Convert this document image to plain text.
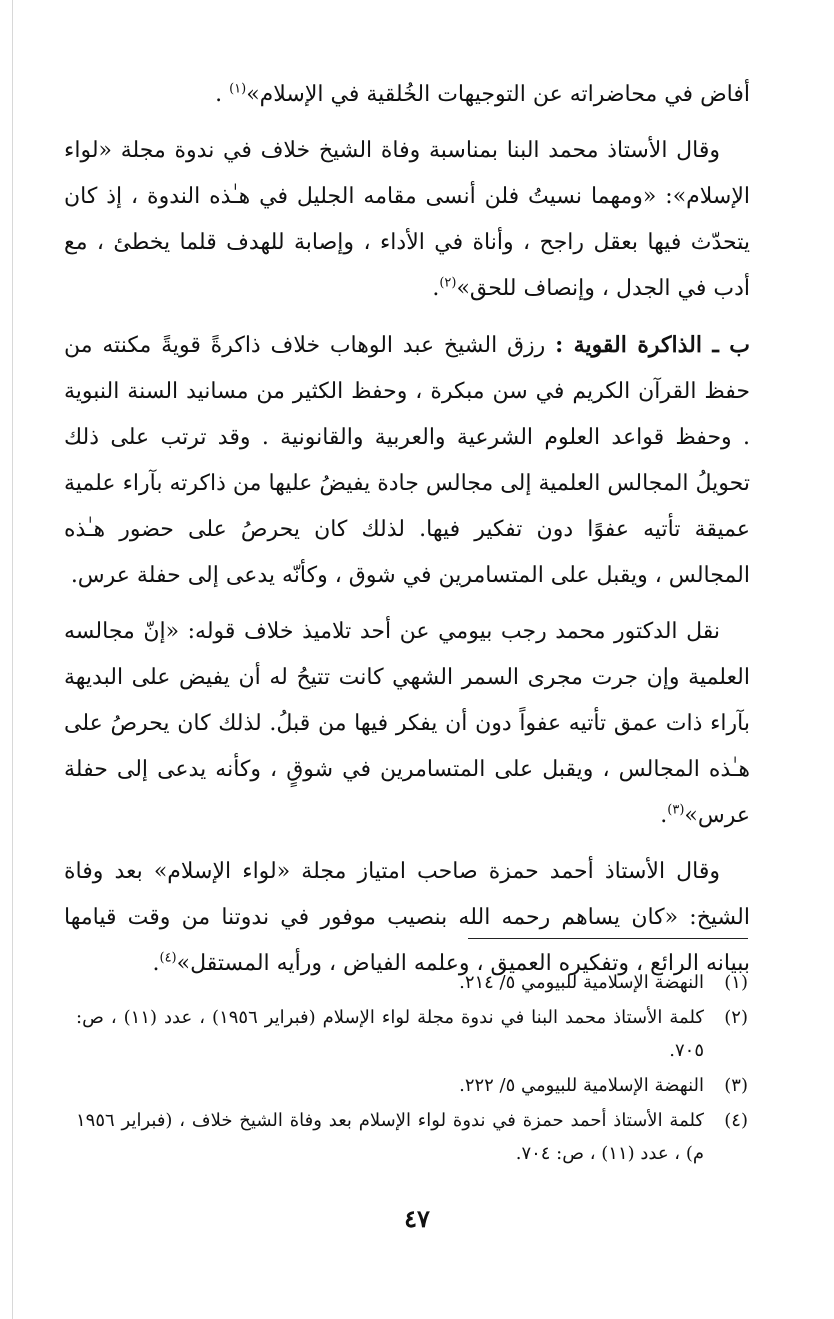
أفاض في محاضراته عن التوجيهات الخُلقية في الإسلام»$^{(١)}$ .

وقال الأستاذ محمد البنا بمناسبة وفاة الشيخ خلاف في ندوة مجلة «لواء الإسلام»: «ومهما نسيتُ فلن أنسى مقامه الجليل في هـٰذه الندوة ، إذ كان يتحدّث فيها بعقل راجح ، وأناة في الأداء ، وإصابة للهدف قلما يخطئ ، مع أدب في الجدل ، وإنصاف للحق»$^{(٢)}$.

ب ـ الذاكرة القوية : رزق الشيخ عبد الوهاب خلاف ذاكرةً قويةً مكنته من حفظ القرآن الكريم في سن مبكرة ، وحفظ الكثير من مسانيد السنة النبوية . وحفظ قواعد العلوم الشرعية والعربية والقانونية . وقد ترتب على ذلك تحويلُ المجالس العلمية إلى مجالس جادة يفيضُ عليها من ذاكرته بآراء علمية عميقة تأتيه عفوًا دون تفكير فيها. لذلك كان يحرصُ على حضور هـٰذه المجالس ، ويقبل على المتسامرين في شوق ، وكأنّه يدعى إلى حفلة عرس.

نقل الدكتور محمد رجب بيومي عن أحد تلاميذ خلاف قوله: «إنّ مجالسه العلمية وإن جرت مجرى السمر الشهي كانت تتيحُ له أن يفيض على البديهة بآراء ذات عمق تأتيه عفواً دون أن يفكر فيها من قبلُ. لذلك كان يحرصُ على هـٰذه المجالس ، ويقبل على المتسامرين في شوقٍ ، وكأنه يدعى إلى حفلة عرس»$^{(٣)}$.

وقال الأستاذ أحمد حمزة صاحب امتياز مجلة «لواء الإسلام» بعد وفاة الشيخ: «كان يساهم رحمه الله بنصيب موفور في ندوتنا من وقت قيامها ببيانه الرائع ، وتفكيره العميق ، وعلمه الفياض ، ورأيه المستقل»$^{(٤)}$.

(١)
النهضة الإسلامية للبيومي ٥/ ٢١٤.
(٢)
كلمة الأستاذ محمد البنا في ندوة مجلة لواء الإسلام (فبراير ١٩٥٦) ، عدد (١١) ، ص: ٧٠٥.
(٣)
النهضة الإسلامية للبيومي ٥/ ٢٢٢.
(٤)
كلمة الأستاذ أحمد حمزة في ندوة لواء الإسلام بعد وفاة الشيخ خلاف ، (فبراير ١٩٥٦ م) ، عدد (١١) ، ص: ٧٠٤.
٤٧
